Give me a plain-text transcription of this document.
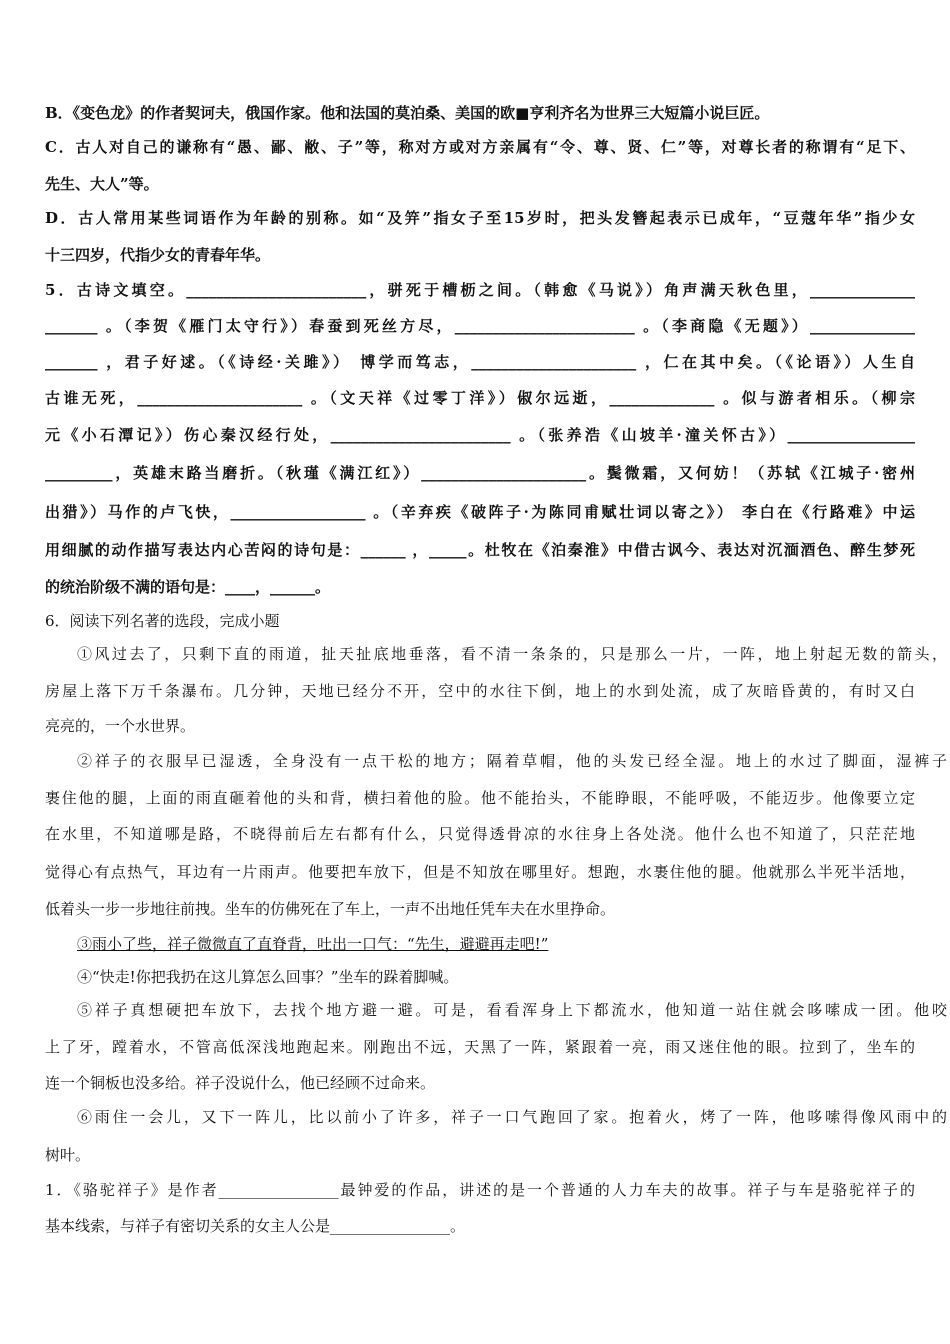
B．《变色龙》的作者契诃夫，俄国作家。他和法国的莫泊桑、美国的欧■亨利齐名为世界三大短篇小说巨匠。
C．古人对自己的谦称有“愚、鄙、敝、子”等，称对方或对方亲属有“令、尊、贤、仁”等，对尊长者的称谓有“足下、
先生、大人”等。
D．古人常用某些词语作为年龄的别称。如“及笄”指女子至15岁时，把头发簪起表示已成年，“豆蔻年华”指少女
十三四岁，代指少女的青春年华。
5．古诗文填空。________________________，骈死于槽枥之间。（韩愈《马说》）角声满天秋色里，______________
_______ 。（李贺《雁门太守行》）春蚕到死丝方尽，________________________ 。（李商隐《无题》）______________
_______ ，君子好逑。（《诗经·关雎》） 博学而笃志，______________________ ，仁在其中矣。（《论语》）人生自
古谁无死，______________________ 。（文天祥《过零丁洋》）俶尔远逝，______________ 。似与游者相乐。（柳宗
元《小石潭记》）伤心秦汉经行处，________________________ 。（张养浩《山坡羊·潼关怀古》）_________________
_________，英雄末路当磨折。（秋瑾《满江红》）______________________。鬓微霜，又何妨！（苏轼《江城子·密州
出猎》）马作的卢飞快，__________________ 。（辛弃疾《破阵子·为陈同甫赋壮词以寄之》） 李白在《行路难》中运
用细腻的动作描写表达内心苦闷的诗句是：______ ，_____。杜牧在《泊秦淮》中借古讽今、表达对沉湎酒色、醉生梦死
的统治阶级不满的语句是：____，______。
6．阅读下列名著的选段，完成小题
①风过去了，只剩下直的雨道，扯天扯底地垂落，看不清一条条的，只是那么一片，一阵，地上射起无数的箭头，
房屋上落下万千条瀑布。几分钟，天地已经分不开，空中的水往下倒，地上的水到处流，成了灰暗昏黄的，有时又白
亮亮的，一个水世界。
②祥子的衣服早已湿透，全身没有一点干松的地方；隔着草帽，他的头发已经全湿。地上的水过了脚面，湿裤子
裹住他的腿，上面的雨直砸着他的头和背，横扫着他的脸。他不能抬头，不能睁眼，不能呼吸，不能迈步。他像要立定
在水里，不知道哪是路，不晓得前后左右都有什么，只觉得透骨凉的水往身上各处浇。他什么也不知道了，只茫茫地
觉得心有点热气，耳边有一片雨声。他要把车放下，但是不知放在哪里好。想跑，水裹住他的腿。他就那么半死半活地，
低着头一步一步地往前拽。坐车的仿佛死在了车上，一声不出地任凭车夫在水里挣命。
③雨小了些，祥子微微直了直脊背，吐出一口气：“先生，避避再走吧!”
④“快走!你把我扔在这儿算怎么回事？”坐车的跺着脚喊。
⑤祥子真想硬把车放下，去找个地方避一避。可是，看看浑身上下都流水，他知道一站住就会哆嗦成一团。他咬
上了牙，蹚着水，不管高低深浅地跑起来。刚跑出不远，天黑了一阵，紧跟着一亮，雨又迷住他的眼。拉到了，坐车的
连一个铜板也没多给。祥子没说什么，他已经顾不过命来。
⑥雨住一会儿，又下一阵儿，比以前小了许多，祥子一口气跑回了家。抱着火，烤了一阵，他哆嗦得像风雨中的
树叶。
1．《骆驼祥子》是作者________________最钟爱的作品，讲述的是一个普通的人力车夫的故事。祥子与车是骆驼祥子的
基本线索，与祥子有密切关系的女主人公是________________。
